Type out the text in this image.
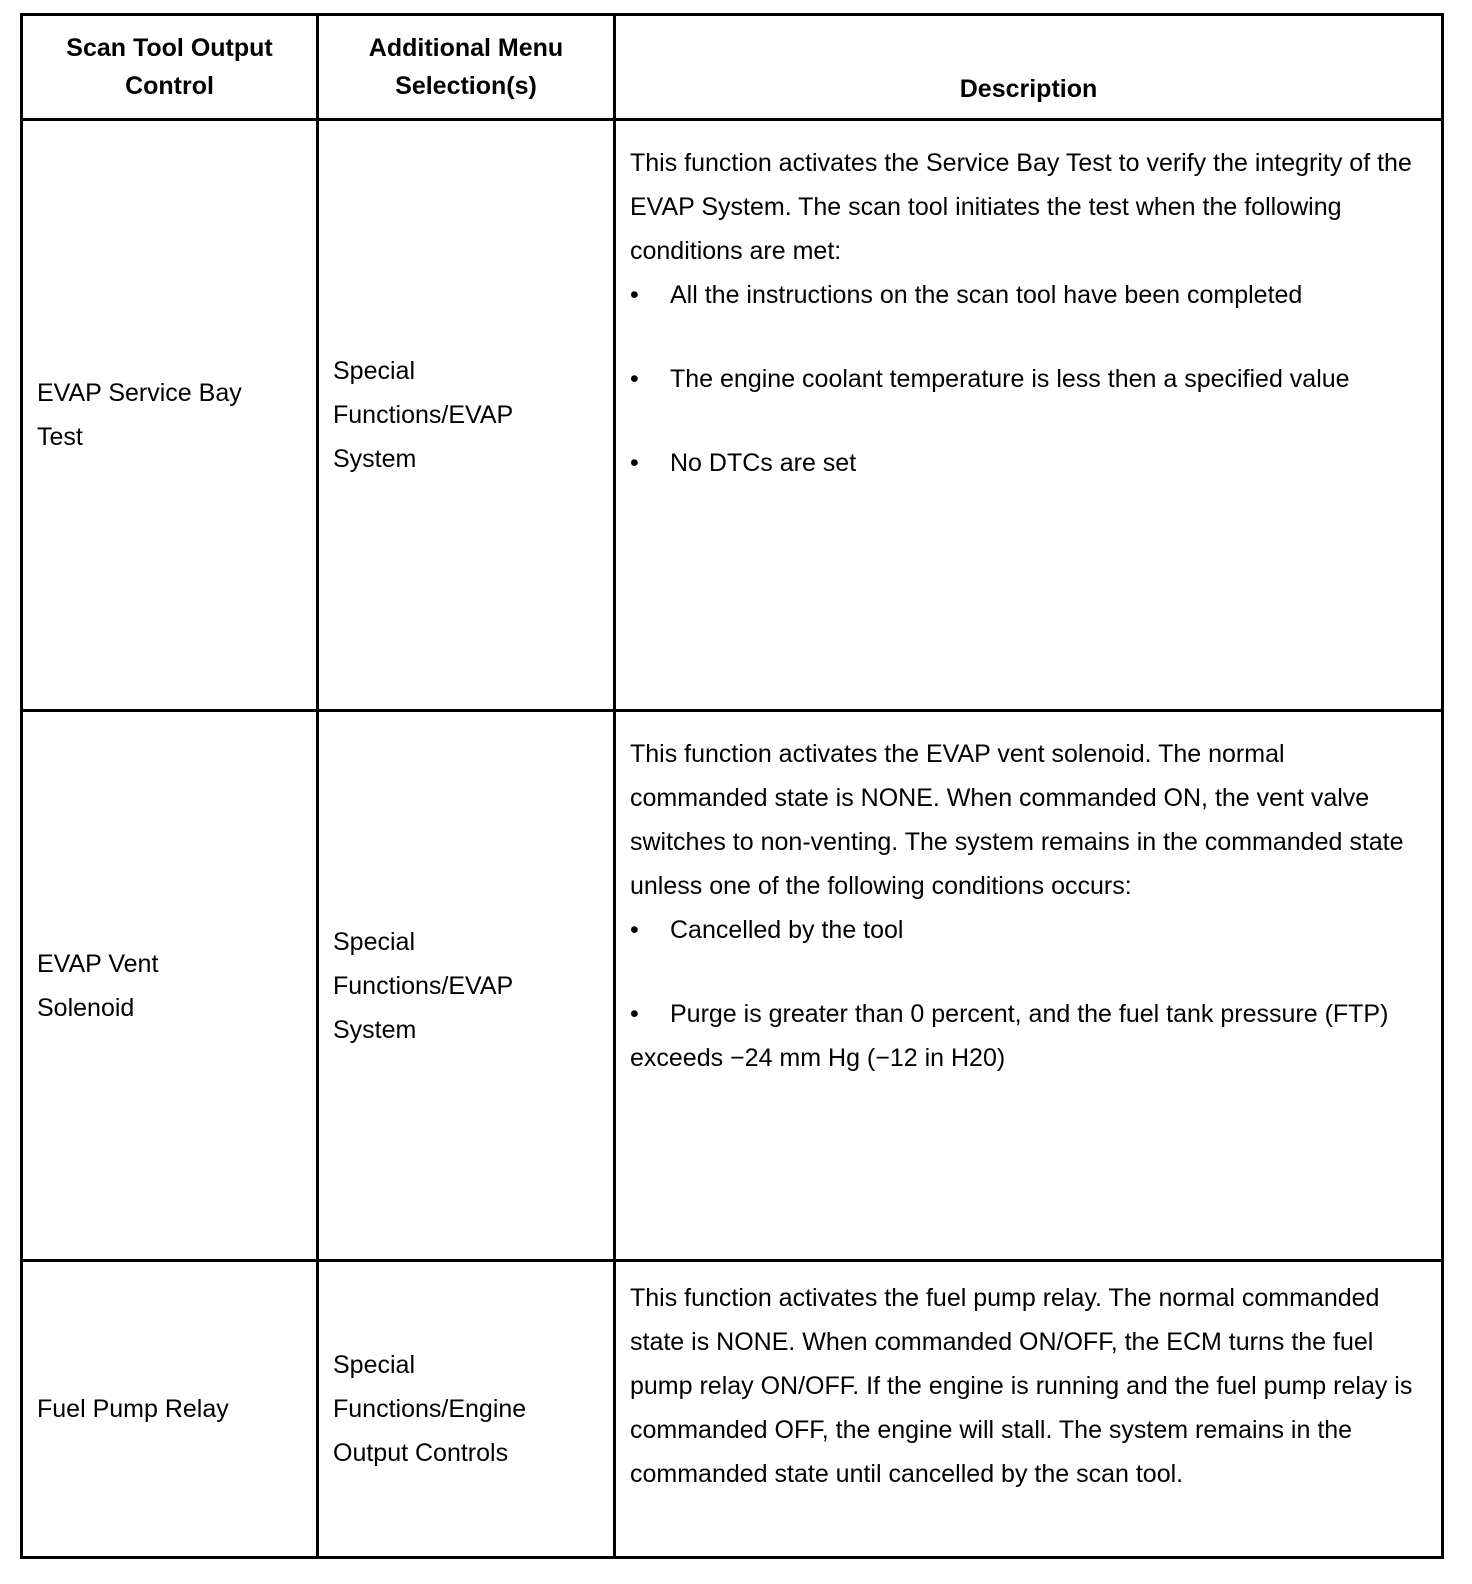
Scan Tool Output
Control
Additional Menu
Selection(s)	Description
EVAP Service Bay
Test
Special
Functions/EVAP
System
This function activates the Service Bay Test to verify the integrity of the EVAP System. The scan tool initiates the test when the following conditions are met:
• All the instructions on the scan tool have been completed
• The engine coolant temperature is less then a specified value
• No DTCs are set
EVAP Vent
Solenoid
Special
Functions/EVAP
System
This function activates the EVAP vent solenoid. The normal commanded state is NONE. When commanded ON, the vent valve switches to non-venting. The system remains in the commanded state unless one of the following conditions occurs:
• Cancelled by the tool
• Purge is greater than 0 percent, and the fuel tank pressure (FTP) exceeds −24 mm Hg (−12 in H20)
Fuel Pump Relay
Special
Functions/Engine
Output Controls
This function activates the fuel pump relay. The normal commanded state is NONE. When commanded ON/OFF, the ECM turns the fuel pump relay ON/OFF. If the engine is running and the fuel pump relay is commanded OFF, the engine will stall. The system remains in the commanded state until cancelled by the scan tool.
